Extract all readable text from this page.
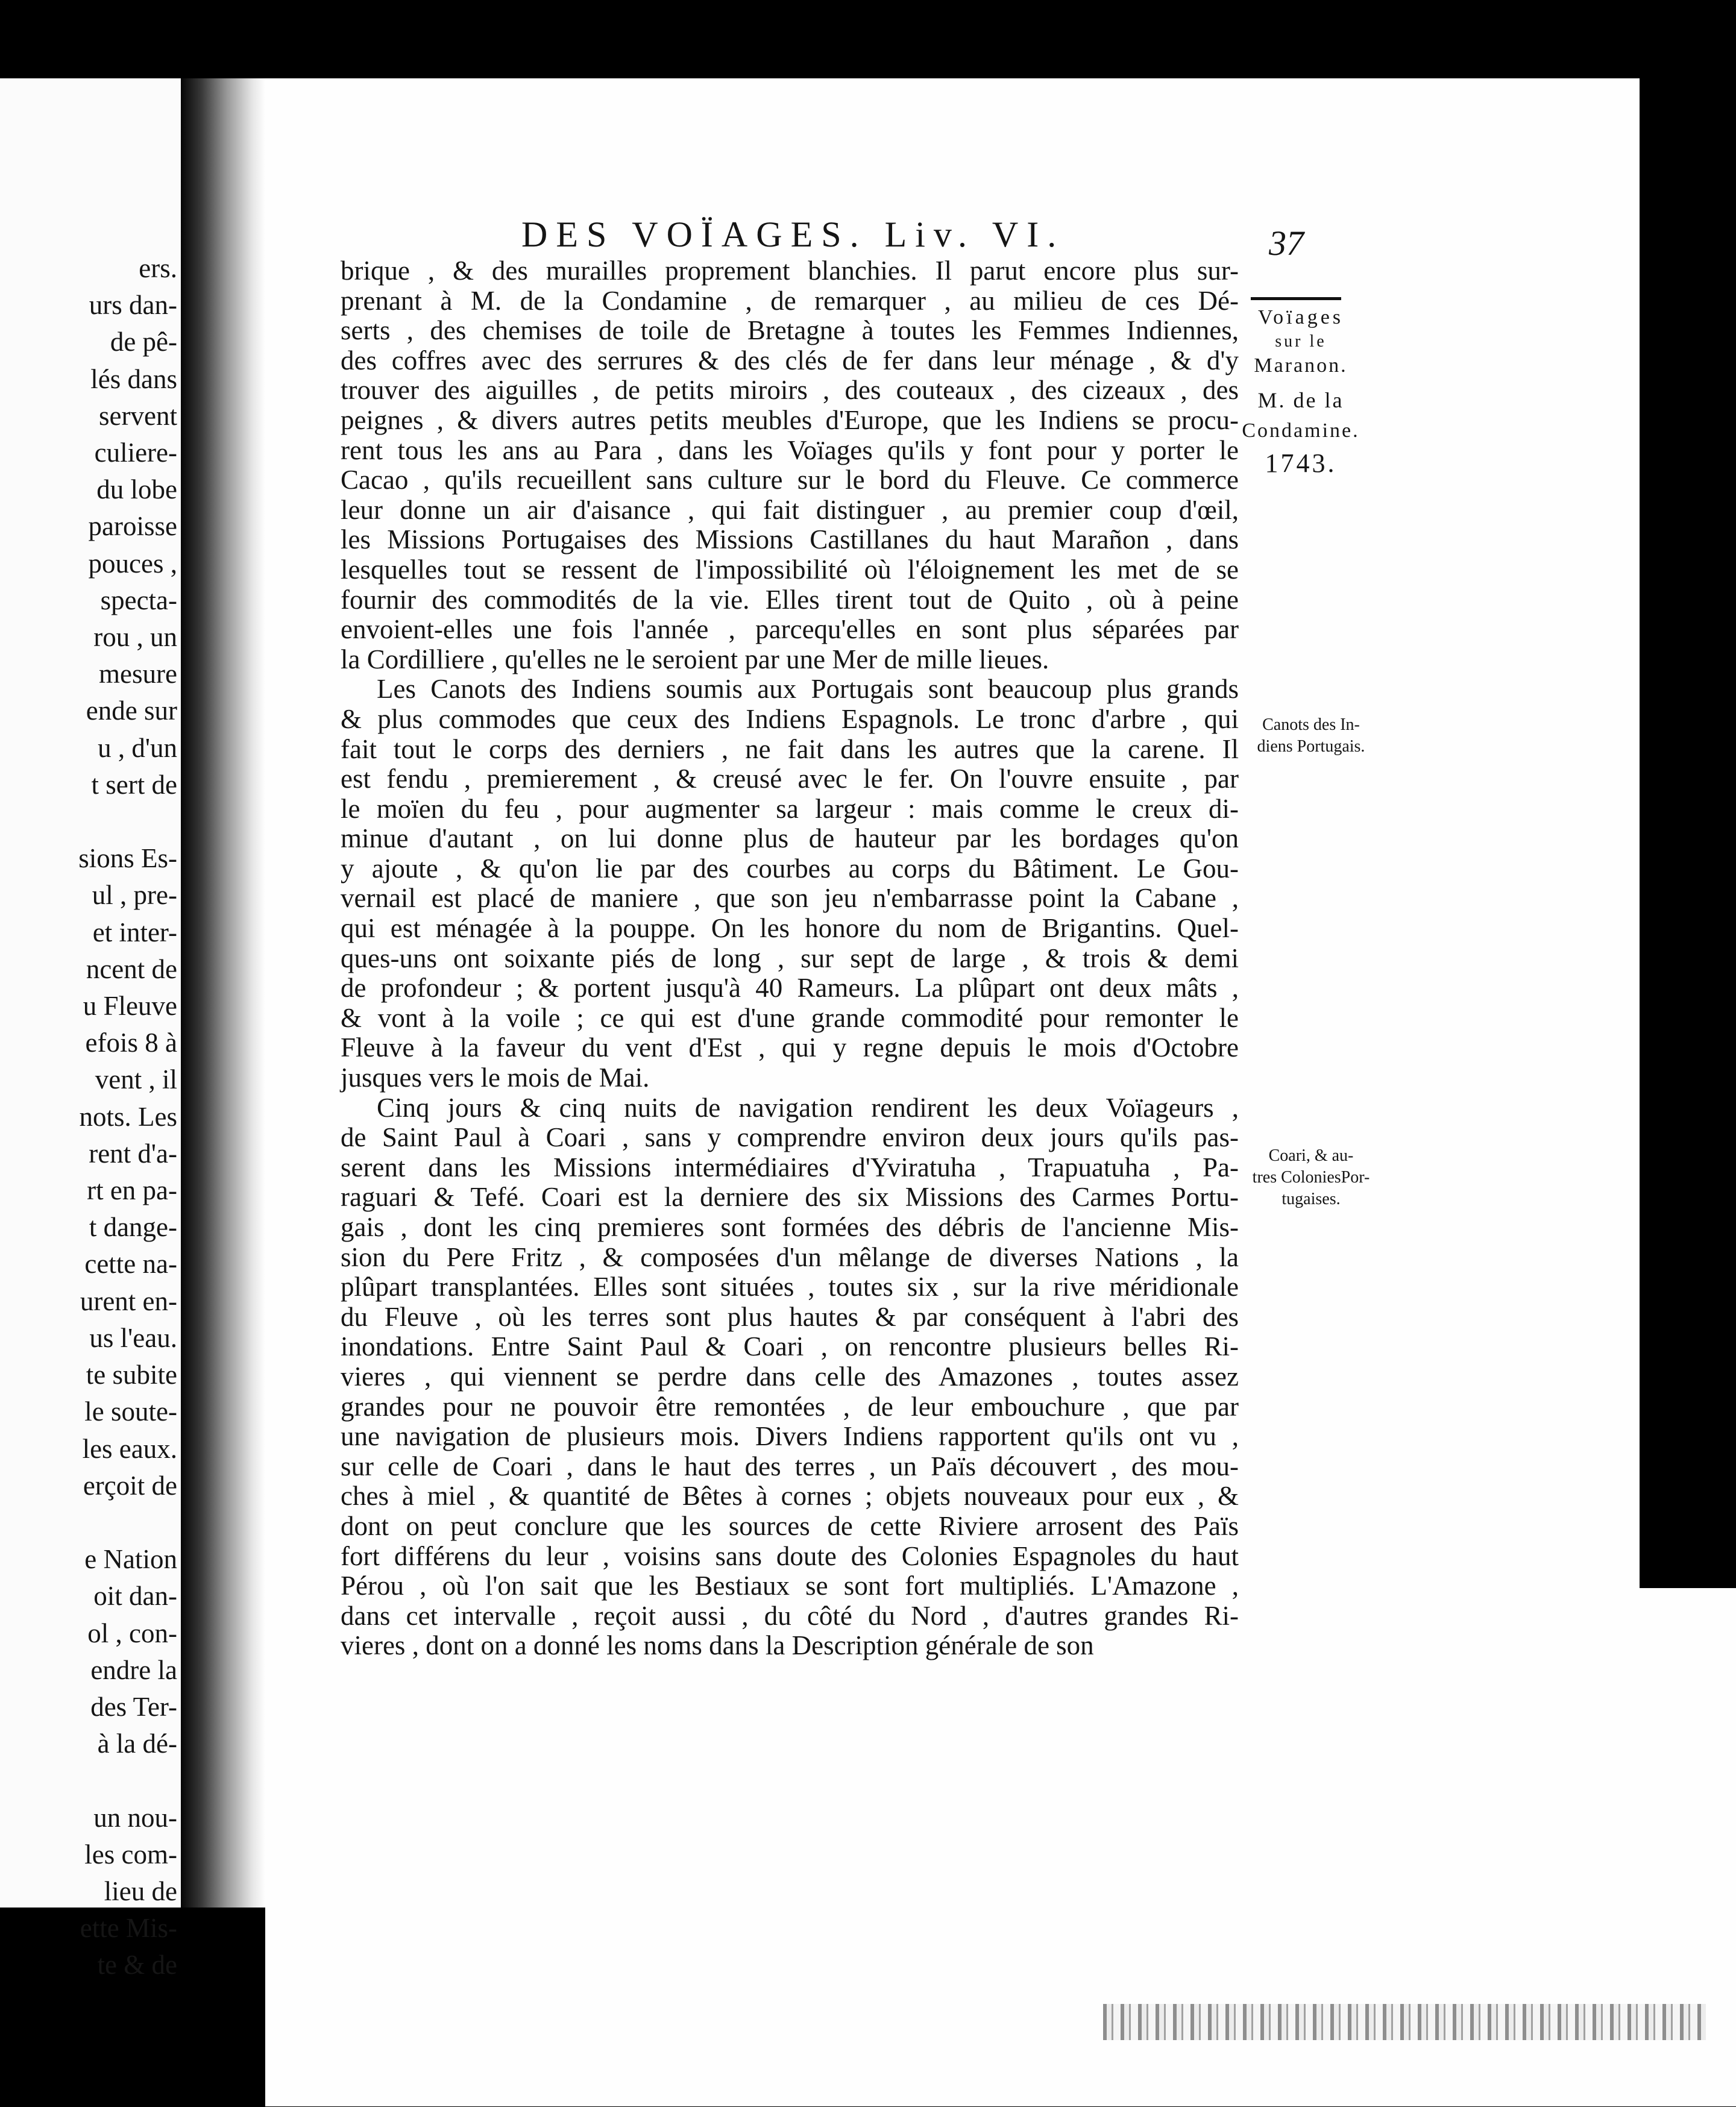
ers.
urs dan-
de pê-
lés dans
servent
culiere-
du lobe
paroisse
pouces ,
specta-
rou , un
mesure
ende sur
u , d'un
t sert de

sions Es-
ul , pre-
et inter-
ncent de
u Fleuve
efois 8 à
vent , il
nots. Les
rent d'a-
rt en pa-
t dange-
cette na-
urent en-
us l'eau.
te subite
le soute-
les eaux.
erçoit de

e Nation
oit dan-
ol , con-
endre la
des Ter-
à la dé-

un nou-
les com-
lieu de
ette Mis-
te & de
DES VOÏAGES. Liv. VI.	37
Voïages
sur le
Maranon.
M. de la
Condamine.
1743.
Canots des In-
diens Portugais.
Coari, & au-
tres ColoniesPor-
tugaises.
brique , & des murailles proprement blanchies. Il parut encore plus sur-
prenant à M. de la Condamine , de remarquer , au milieu de ces Dé-
serts , des chemises de toile de Bretagne à toutes les Femmes Indiennes,
des coffres avec des serrures & des clés de fer dans leur ménage , & d'y
trouver des aiguilles , de petits miroirs , des couteaux , des cizeaux , des
peignes , & divers autres petits meubles d'Europe, que les Indiens se procu-
rent tous les ans au Para , dans les Voïages qu'ils y font pour y porter le
Cacao , qu'ils recueillent sans culture sur le bord du Fleuve. Ce commerce
leur donne un air d'aisance , qui fait distinguer , au premier coup d'œil,
les Missions Portugaises des Missions Castillanes du haut Marañon , dans
lesquelles tout se ressent de l'impossibilité où l'éloignement les met de se
fournir des commodités de la vie. Elles tirent tout de Quito , où à peine
envoient-elles une fois l'année , parcequ'elles en sont plus séparées par
la Cordilliere , qu'elles ne le seroient par une Mer de mille lieues.
Les Canots des Indiens soumis aux Portugais sont beaucoup plus grands
& plus commodes que ceux des Indiens Espagnols. Le tronc d'arbre , qui
fait tout le corps des derniers , ne fait dans les autres que la carene. Il
est fendu , premierement , & creusé avec le fer. On l'ouvre ensuite , par
le moïen du feu , pour augmenter sa largeur : mais comme le creux di-
minue d'autant , on lui donne plus de hauteur par les bordages qu'on
y ajoute , & qu'on lie par des courbes au corps du Bâtiment. Le Gou-
vernail est placé de maniere , que son jeu n'embarrasse point la Cabane ,
qui est ménagée à la pouppe. On les honore du nom de Brigantins. Quel-
ques-uns ont soixante piés de long , sur sept de large , & trois & demi
de profondeur ; & portent jusqu'à 40 Rameurs. La plûpart ont deux mâts ,
& vont à la voile ; ce qui est d'une grande commodité pour remonter le
Fleuve à la faveur du vent d'Est , qui y regne depuis le mois d'Octobre
jusques vers le mois de Mai.
Cinq jours & cinq nuits de navigation rendirent les deux Voïageurs ,
de Saint Paul à Coari , sans y comprendre environ deux jours qu'ils pas-
serent dans les Missions intermédiaires d'Yviratuha , Trapuatuha , Pa-
raguari & Tefé. Coari est la derniere des six Missions des Carmes Portu-
gais , dont les cinq premieres sont formées des débris de l'ancienne Mis-
sion du Pere Fritz , & composées d'un mêlange de diverses Nations , la
plûpart transplantées. Elles sont situées , toutes six , sur la rive méridionale
du Fleuve , où les terres sont plus hautes & par conséquent à l'abri des
inondations. Entre Saint Paul & Coari , on rencontre plusieurs belles Ri-
vieres , qui viennent se perdre dans celle des Amazones , toutes assez
grandes pour ne pouvoir être remontées , de leur embouchure , que par
une navigation de plusieurs mois. Divers Indiens rapportent qu'ils ont vu ,
sur celle de Coari , dans le haut des terres , un Païs découvert , des mou-
ches à miel , & quantité de Bêtes à cornes ; objets nouveaux pour eux , &
dont on peut conclure que les sources de cette Riviere arrosent des Païs
fort différens du leur , voisins sans doute des Colonies Espagnoles du haut
Pérou , où l'on sait que les Bestiaux se sont fort multipliés. L'Amazone ,
dans cet intervalle , reçoit aussi , du côté du Nord , d'autres grandes Ri-
vieres , dont on a donné les noms dans la Description générale de son
